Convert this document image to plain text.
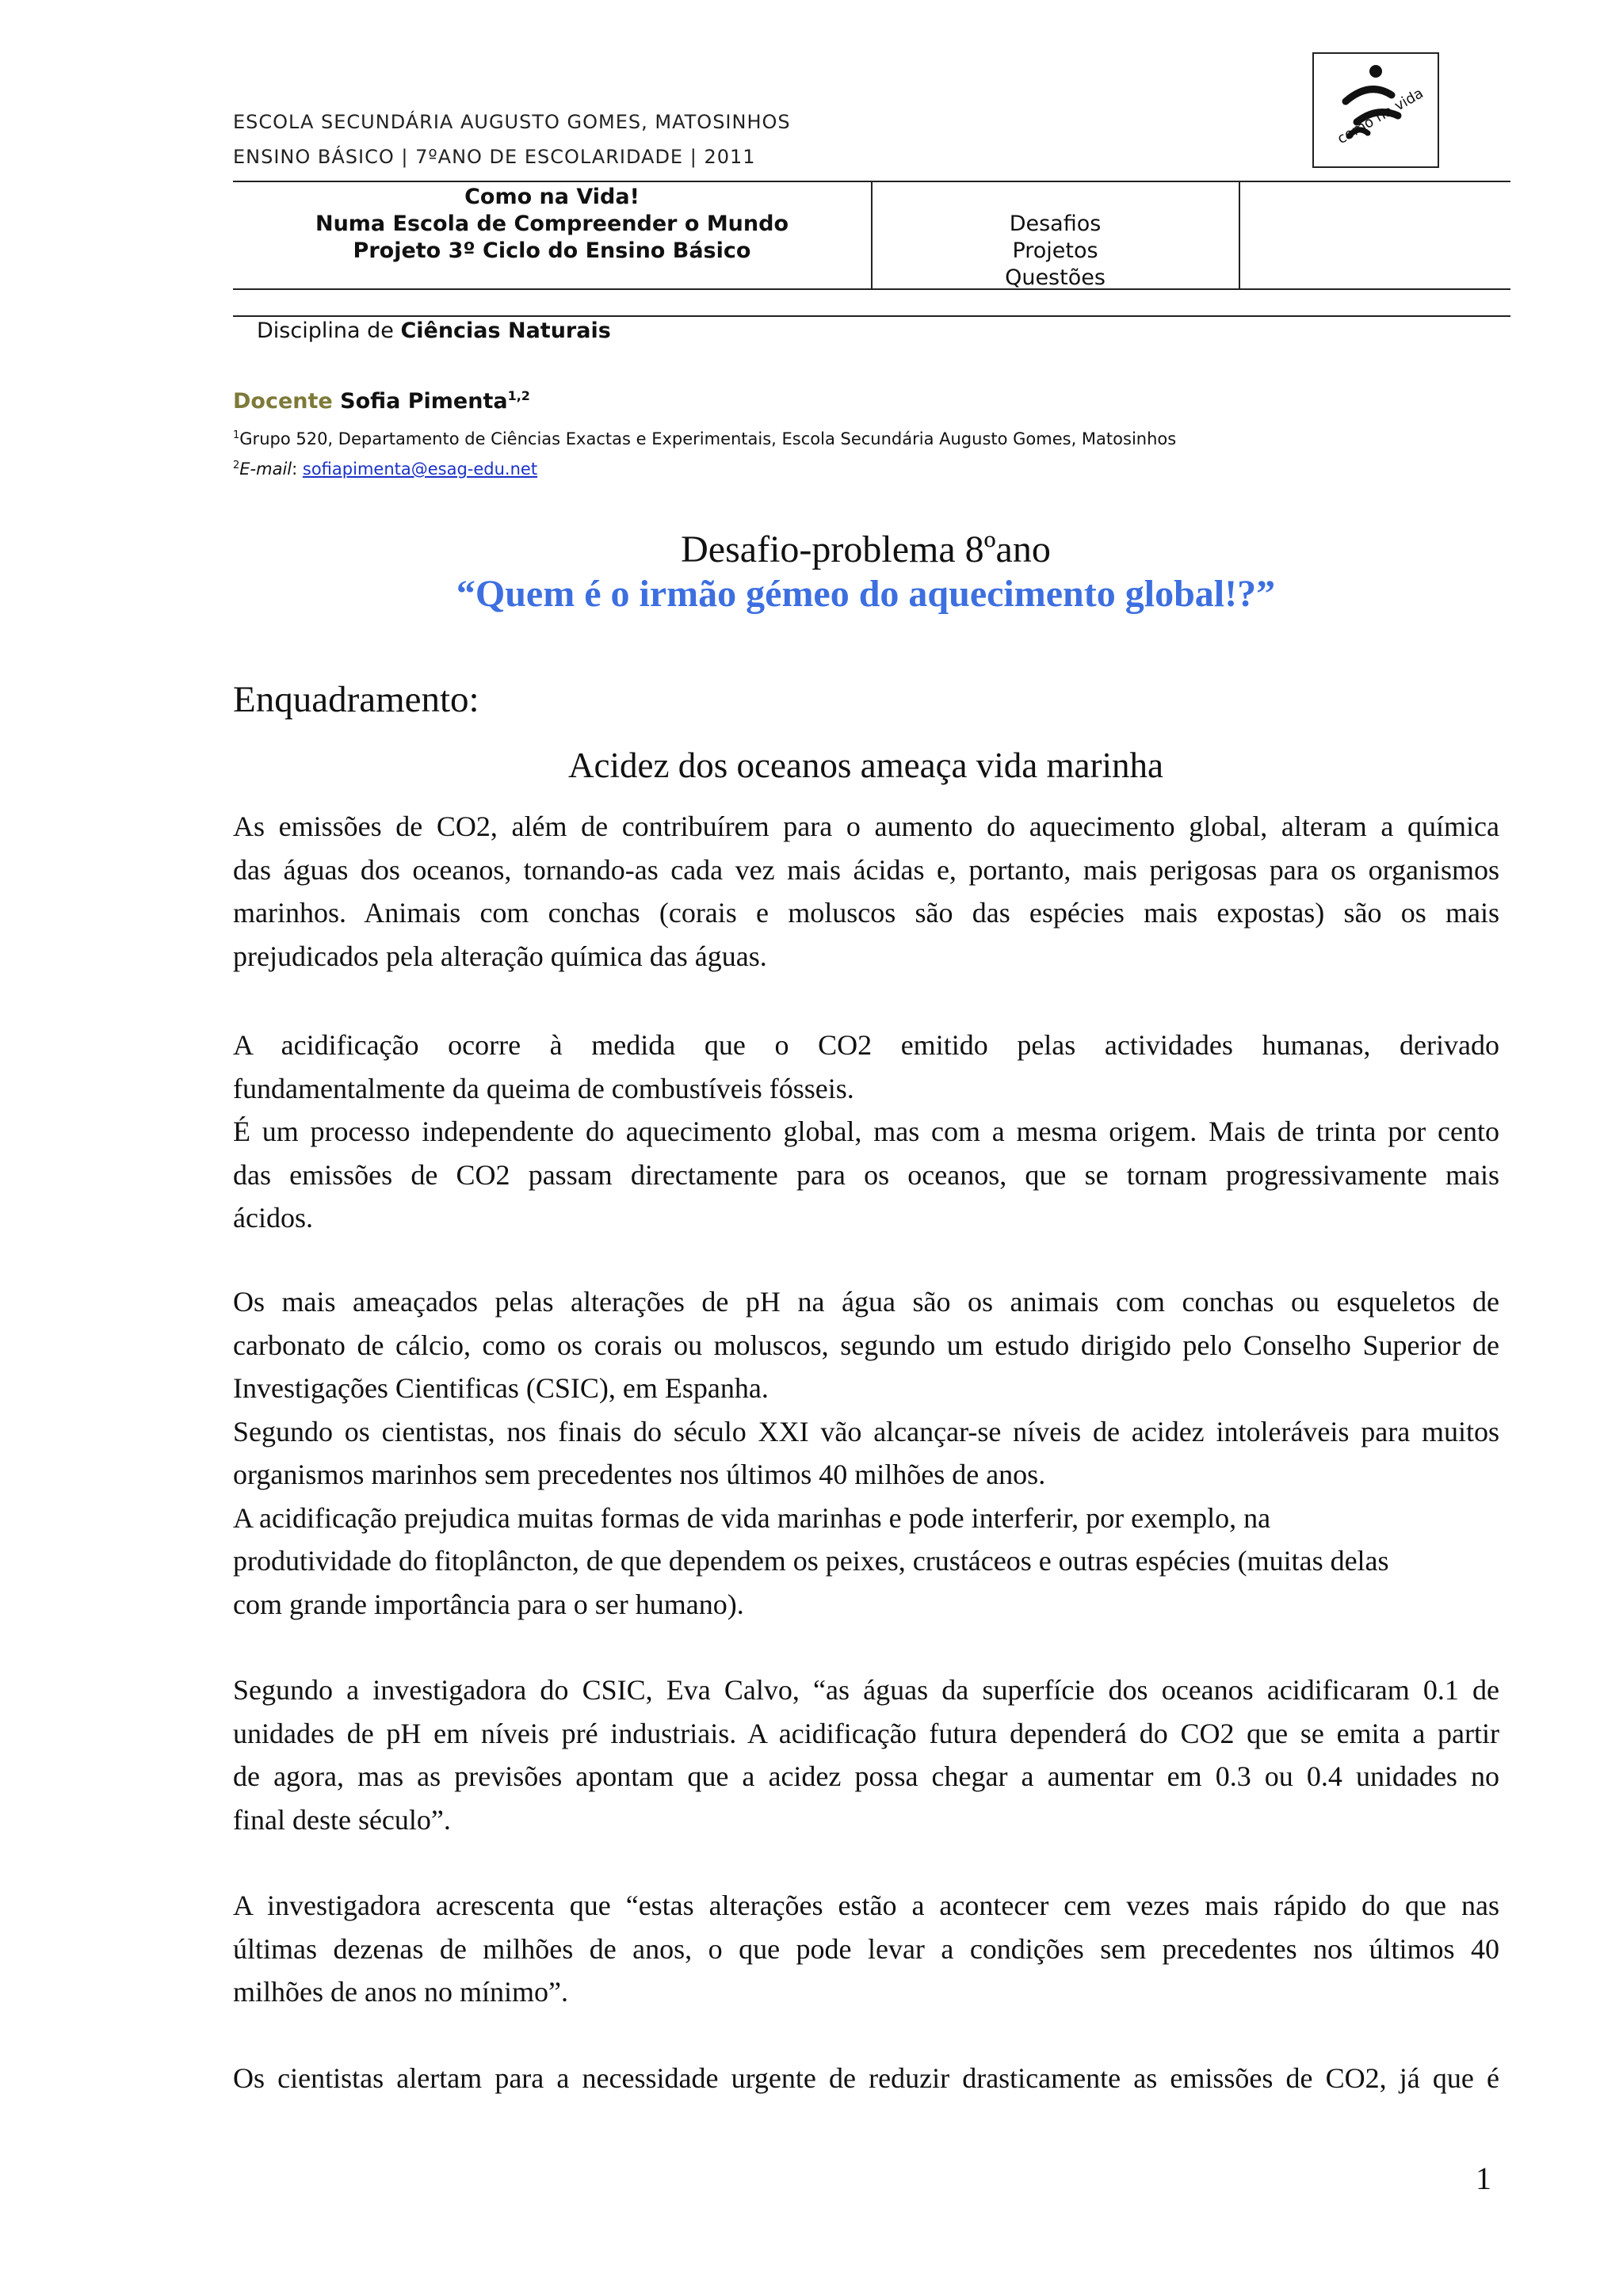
ESCOLA SECUNDÁRIA AUGUSTO GOMES, MATOSINHOS
ENSINO BÁSICO | 7ºANO DE ESCOLARIDADE | 2011
como na vida
Como na Vida!
Numa Escola de Compreender o Mundo
Projeto 3º Ciclo do Ensino Básico
Desafios
Projetos
Questões
Disciplina de Ciências Naturais
Docente Sofia Pimenta$^{1,2}$
$^1$Grupo 520, Departamento de Ciências Exactas e Experimentais, Escola Secundária Augusto Gomes, Matosinhos
$^2$E-mail: sofiapimenta@esag-edu.net
Desafio-problema 8ºano
“Quem é o irmão gémeo do aquecimento global!?”
Enquadramento:
Acidez dos oceanos ameaça vida marinha
As emissões de CO2, além de contribuírem para o aumento do aquecimento global, alteram a química
das águas dos oceanos, tornando-as cada vez mais ácidas e, portanto, mais perigosas para os organismos
marinhos. Animais com conchas (corais e moluscos são das espécies mais expostas) são os mais
prejudicados pela alteração química das águas.
A acidificação ocorre à medida que o CO2 emitido pelas actividades humanas, derivado
fundamentalmente da queima de combustíveis fósseis.
É um processo independente do aquecimento global, mas com a mesma origem. Mais de trinta por cento
das emissões de CO2 passam directamente para os oceanos, que se tornam progressivamente mais
ácidos.
Os mais ameaçados pelas alterações de pH na água são os animais com conchas ou esqueletos de
carbonato de cálcio, como os corais ou moluscos, segundo um estudo dirigido pelo Conselho Superior de
Investigações Cientificas (CSIC), em Espanha.
Segundo os cientistas, nos finais do século XXI vão alcançar-se níveis de acidez intoleráveis para muitos
organismos marinhos sem precedentes nos últimos 40 milhões de anos.
A acidificação prejudica muitas formas de vida marinhas e pode interferir, por exemplo, na
produtividade do fitoplâncton, de que dependem os peixes, crustáceos e outras espécies (muitas delas
com grande importância para o ser humano).
Segundo a investigadora do CSIC, Eva Calvo, “as águas da superfície dos oceanos acidificaram 0.1 de
unidades de pH em níveis pré industriais. A acidificação futura dependerá do CO2 que se emita a partir
de agora, mas as previsões apontam que a acidez possa chegar a aumentar em 0.3 ou 0.4 unidades no
final deste século”.
A investigadora acrescenta que “estas alterações estão a acontecer cem vezes mais rápido do que nas
últimas dezenas de milhões de anos, o que pode levar a condições sem precedentes nos últimos 40
milhões de anos no mínimo”.
Os cientistas alertam para a necessidade urgente de reduzir drasticamente as emissões de CO2, já que é
1
